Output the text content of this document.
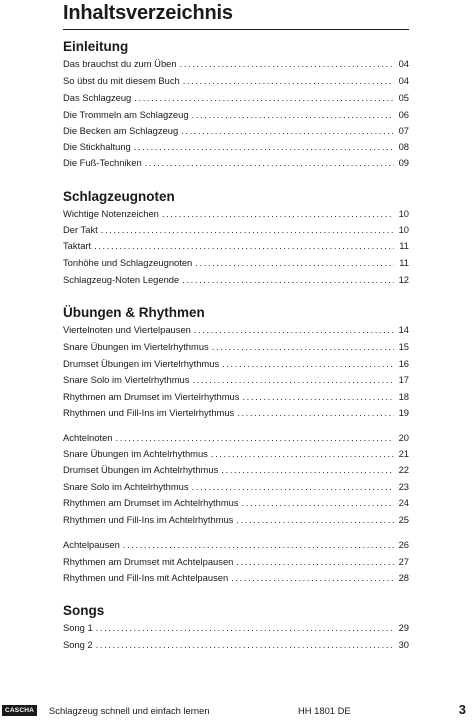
Inhaltsverzeichnis
Einleitung
Das brauchst du zum Üben .....	04
So übst du mit diesem Buch .....	04
Das Schlagzeug .....	05
Die Trommeln am Schlagzeug .....	06
Die Becken am Schlagzeug .....	07
Die Stickhaltung .....	08
Die Fuß-Techniken .....	09
Schlagzeugnoten
Wichtige Notenzeichen .....	10
Der Takt .....	10
Taktart .....	11
Tonhöhe und Schlagzeugnoten .....	11
Schlagzeug-Noten Legende .....	12
Übungen & Rhythmen
Viertelnoten und Viertelpausen .....	14
Snare Übungen im Viertelrhythmus .....	15
Drumset Übungen im Viertelrhythmus .....	16
Snare Solo im Viertelrhythmus .....	17
Rhythmen am Drumset im Viertelrhythmus .....	18
Rhythmen und Fill-Ins im Viertelrhythmus .....	19
Achtelnoten .....	20
Snare Übungen im Achtelrhythmus .....	21
Drumset Übungen im Achtelrhythmus .....	22
Snare Solo im Achtelrhythmus .....	23
Rhythmen am Drumset im Achtelrhythmus .....	24
Rhythmen und Fill-Ins im Achtelrhythmus .....	25
Achtelpausen .....	26
Rhythmen am Drumset mit Achtelpausen .....	27
Rhythmen und Fill-Ins mit Achtelpausen .....	28
Songs
Song 1 .....	29
Song 2 .....	30
CASCHA	Schlagzeug schnell und einfach lernen	HH 1801 DE	3
